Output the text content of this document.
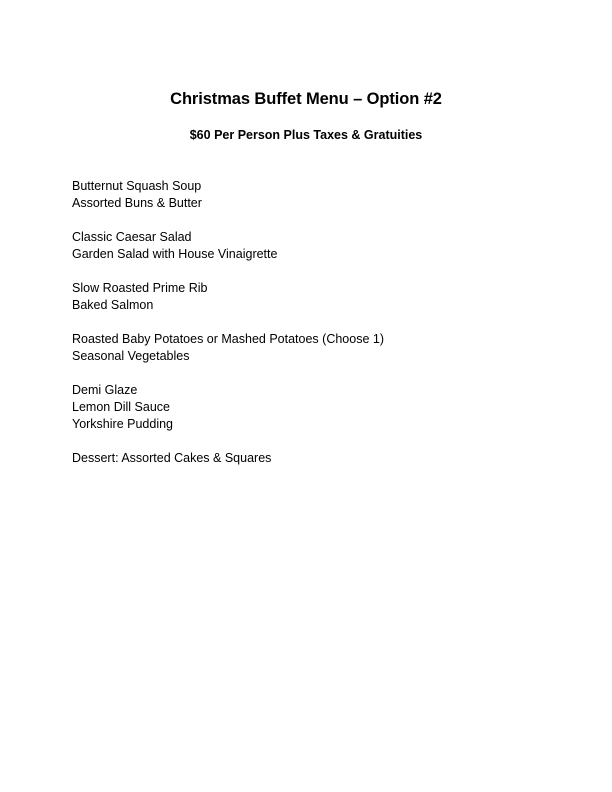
Christmas Buffet Menu – Option #2
$60 Per Person Plus Taxes & Gratuities
Butternut Squash Soup
Assorted Buns & Butter
Classic Caesar Salad
Garden Salad with House Vinaigrette
Slow Roasted Prime Rib
Baked Salmon
Roasted Baby Potatoes or Mashed Potatoes (Choose 1)
Seasonal Vegetables
Demi Glaze
Lemon Dill Sauce
Yorkshire Pudding
Dessert: Assorted Cakes & Squares
